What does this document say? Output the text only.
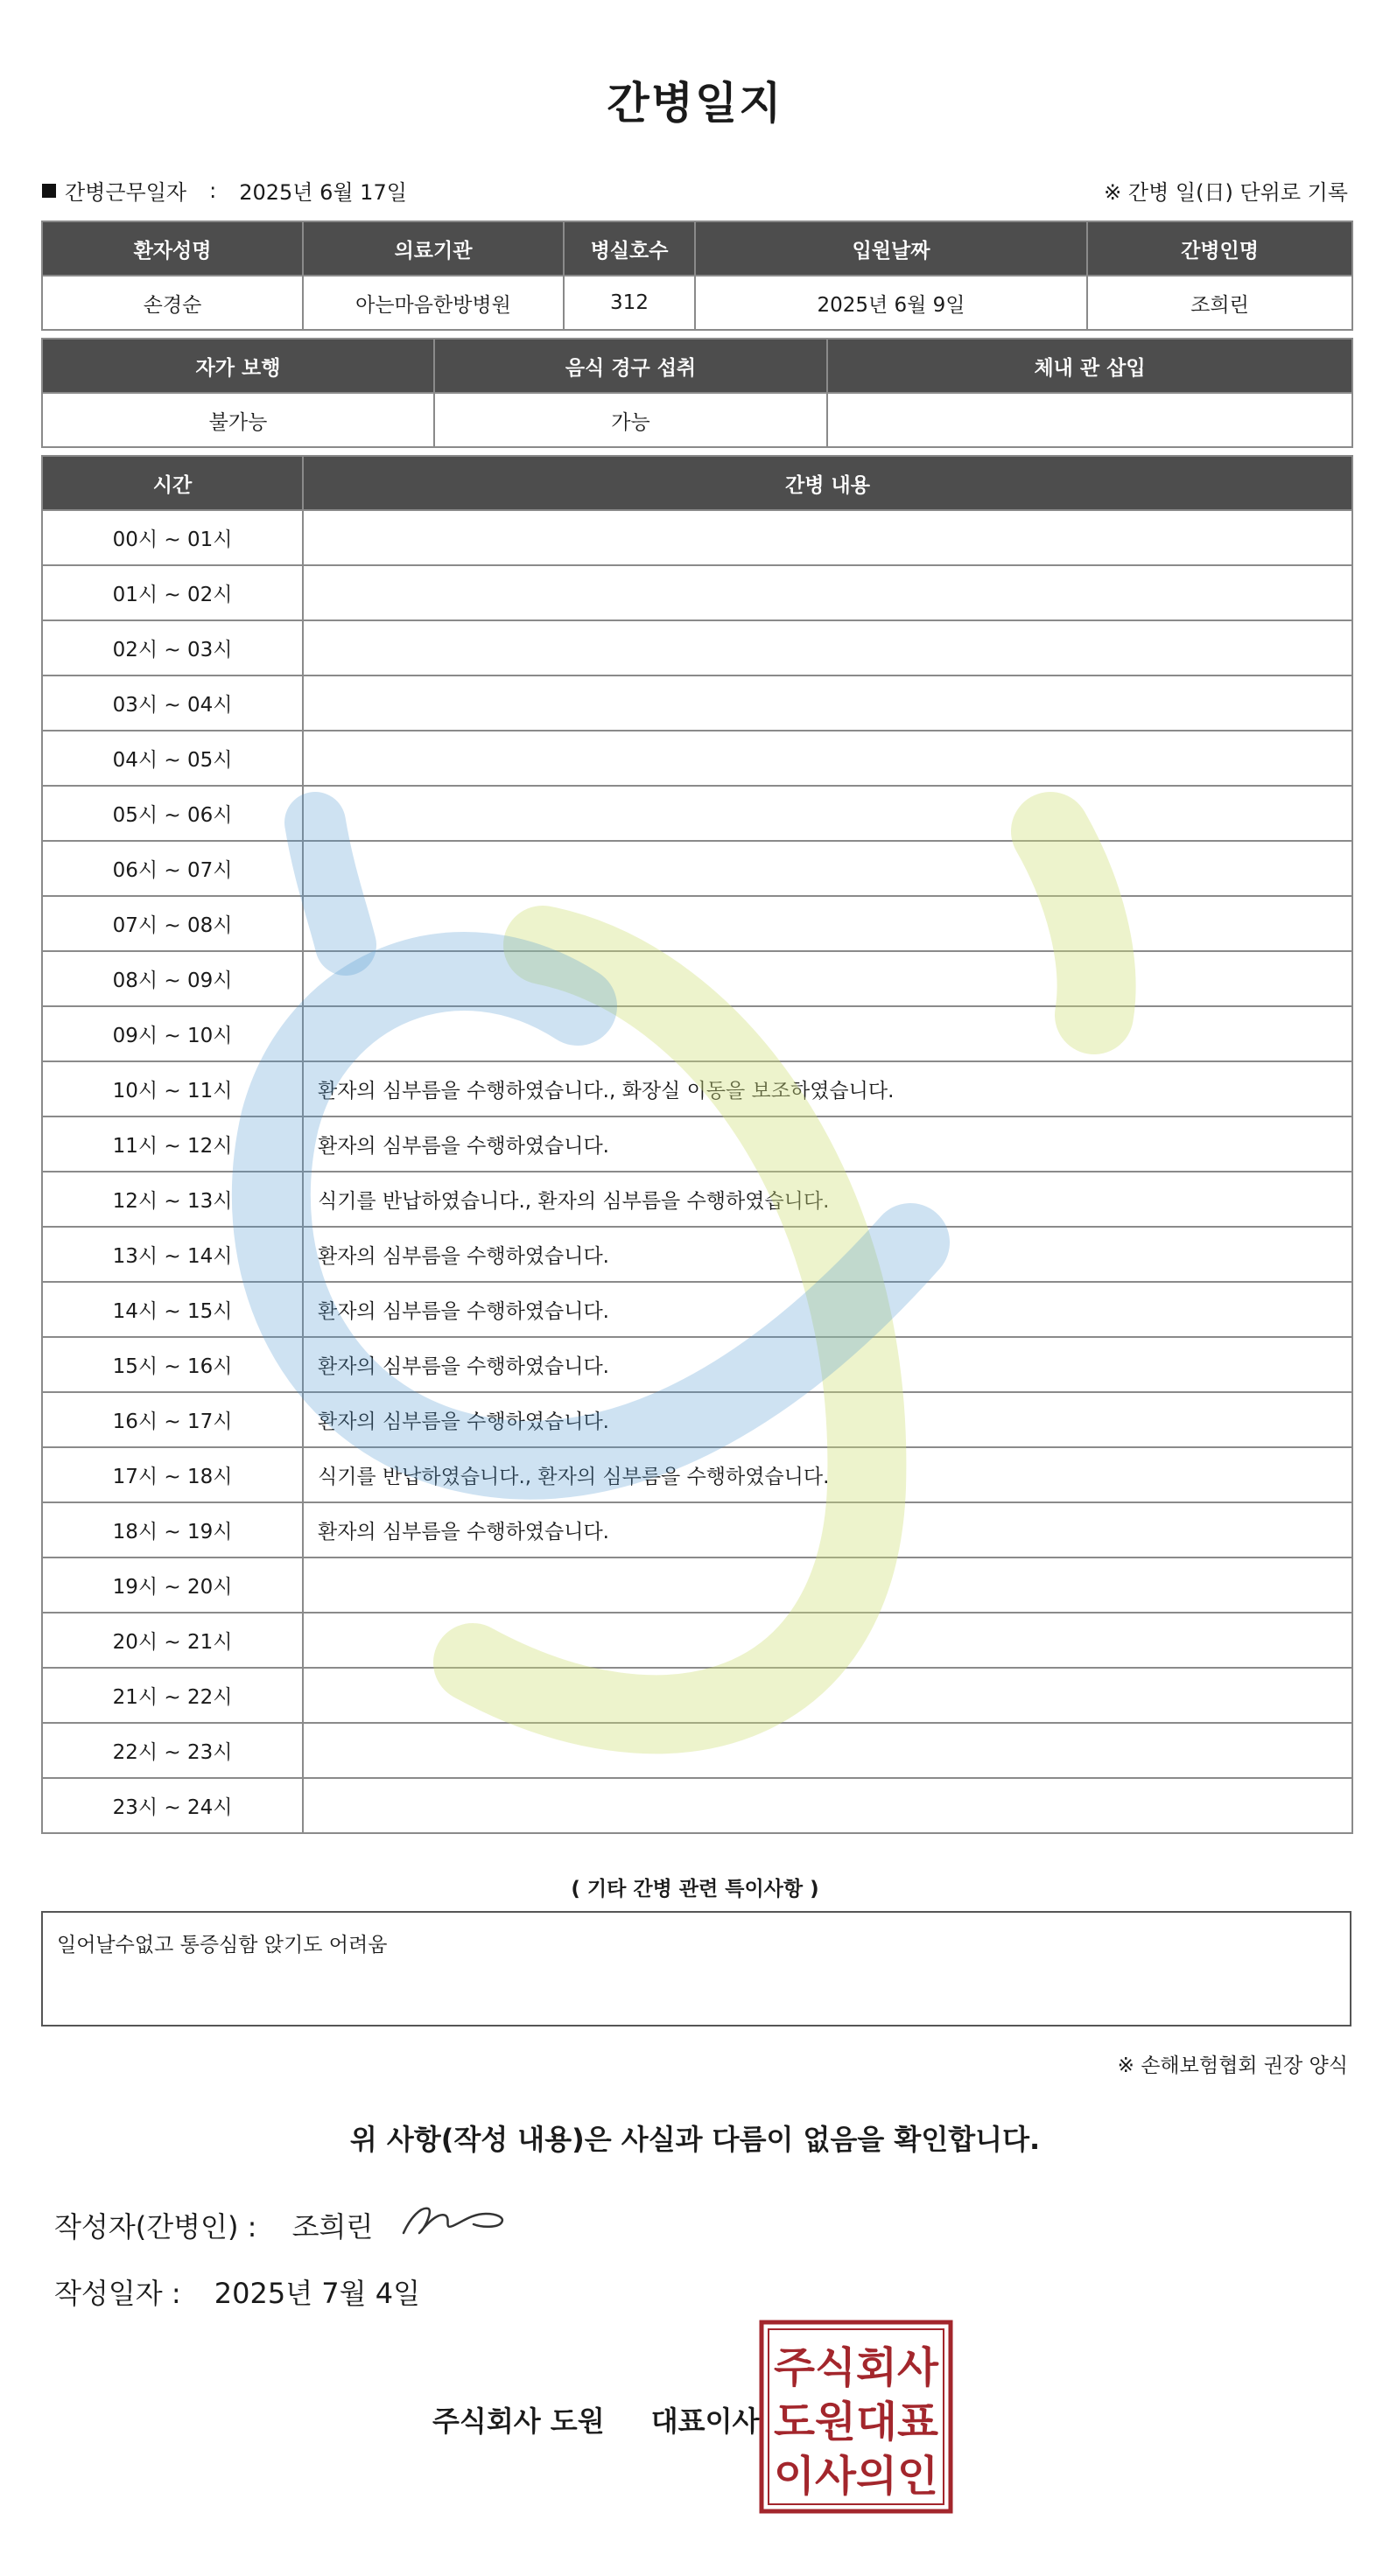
간병일지
간병근무일자 : 2025년 6월 17일	※ 간병 일(日) 단위로 기록
환자성명	의료기관	병실호수	입원날짜	간병인명
손경순	아는마음한방병원	312	2025년 6월 9일	조희린
자가 보행	음식 경구 섭취	체내 관 삽입
불가능	가능	
시간	간병 내용
00시 ~ 01시	
01시 ~ 02시	
02시 ~ 03시	
03시 ~ 04시	
04시 ~ 05시	
05시 ~ 06시	
06시 ~ 07시	
07시 ~ 08시	
08시 ~ 09시	
09시 ~ 10시	
10시 ~ 11시	환자의 심부름을 수행하였습니다., 화장실 이동을 보조하였습니다.
11시 ~ 12시	환자의 심부름을 수행하였습니다.
12시 ~ 13시	식기를 반납하였습니다., 환자의 심부름을 수행하였습니다.
13시 ~ 14시	환자의 심부름을 수행하였습니다.
14시 ~ 15시	환자의 심부름을 수행하였습니다.
15시 ~ 16시	환자의 심부름을 수행하였습니다.
16시 ~ 17시	환자의 심부름을 수행하였습니다.
17시 ~ 18시	식기를 반납하였습니다., 환자의 심부름을 수행하였습니다.
18시 ~ 19시	환자의 심부름을 수행하였습니다.
19시 ~ 20시	
20시 ~ 21시	
21시 ~ 22시	
22시 ~ 23시	
23시 ~ 24시	
( 기타 간병 관련 특이사항 )
일어날수없고 통증심함 앉기도 어려움
※ 손해보험협회 권장 양식
위 사항(작성 내용)은 사실과 다름이 없음을 확인합니다.
작성자(간병인) : 조희린
작성일자 : 2025년 7월 4일
주식회사 도원 대표이사
주식회사
도원대표
이사의인
